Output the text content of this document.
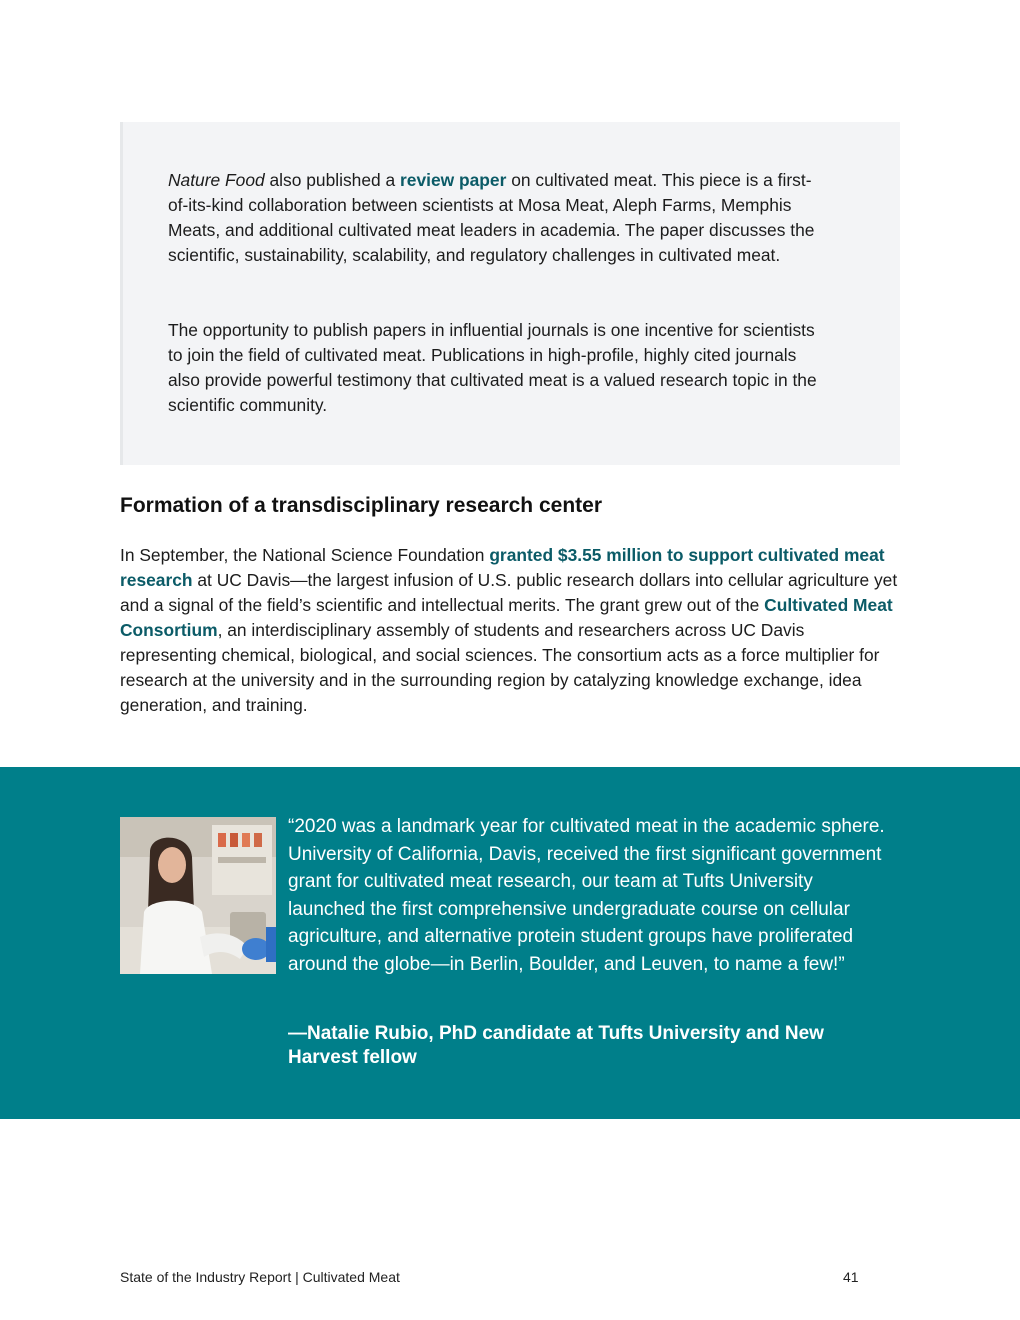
Nature Food also published a review paper on cultivated meat. This piece is a first-of-its-kind collaboration between scientists at Mosa Meat, Aleph Farms, Memphis Meats, and additional cultivated meat leaders in academia. The paper discusses the scientific, sustainability, scalability, and regulatory challenges in cultivated meat.

The opportunity to publish papers in influential journals is one incentive for scientists to join the field of cultivated meat. Publications in high-profile, highly cited journals also provide powerful testimony that cultivated meat is a valued research topic in the scientific community.

Formation of a transdisciplinary research center

In September, the National Science Foundation granted $3.55 million to support cultivated meat research at UC Davis—the largest infusion of U.S. public research dollars into cellular agriculture yet and a signal of the field’s scientific and intellectual merits. The grant grew out of the Cultivated Meat Consortium, an interdisciplinary assembly of students and researchers across UC Davis representing chemical, biological, and social sciences. The consortium acts as a force multiplier for research at the university and in the surrounding region by catalyzing knowledge exchange, idea generation, and training.

“2020 was a landmark year for cultivated meat in the academic sphere. University of California, Davis, received the first significant government grant for cultivated meat research, our team at Tufts University launched the first comprehensive undergraduate course on cellular agriculture, and alternative protein student groups have proliferated around the globe—in Berlin, Boulder, and Leuven, to name a few!”

—Natalie Rubio, PhD candidate at Tufts University and New Harvest fellow

State of the Industry Report | Cultivated Meat	41
